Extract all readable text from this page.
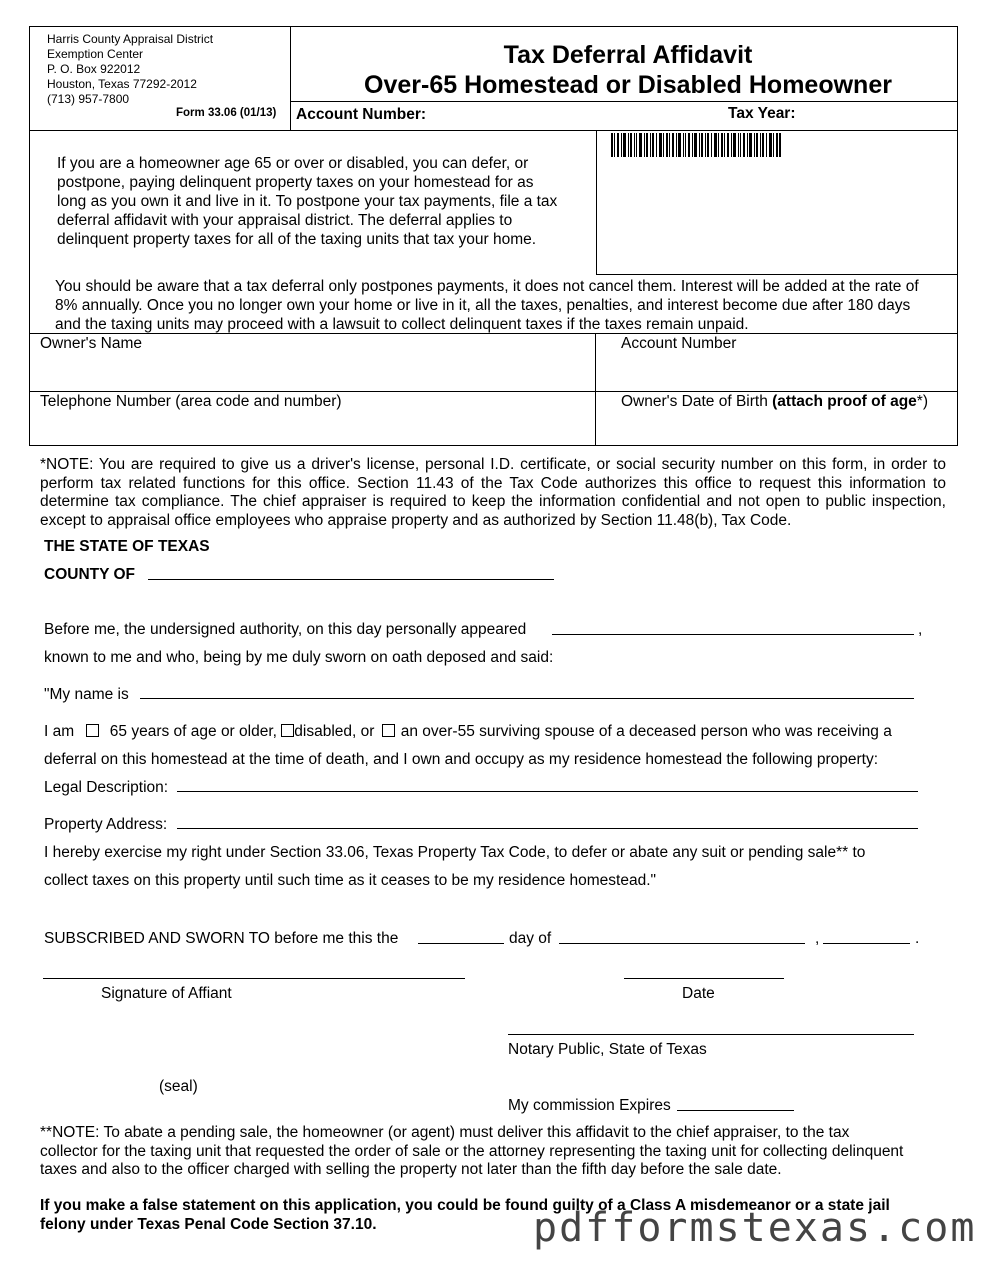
Harris County Appraisal District
Exemption Center
P. O. Box 922012
Houston, Texas 77292-2012
(713) 957-7800
Form 33.06 (01/13)
Tax Deferral Affidavit
Over-65 Homestead or Disabled Homeowner
Account Number:	Tax Year:
If you are a homeowner age 65 or over or disabled, you can defer, or postpone, paying delinquent property taxes on your homestead for as long as you own it and live in it. To postpone your tax payments, file a tax deferral affidavit with your appraisal district. The deferral applies to delinquent property taxes for all of the taxing units that tax your home.
You should be aware that a tax deferral only postpones payments, it does not cancel them. Interest will be added at the rate of 8% annually. Once you no longer own your home or live in it, all the taxes, penalties, and interest become due after 180 days and the taxing units may proceed with a lawsuit to collect delinquent taxes if the taxes remain unpaid.
Owner's Name	Account Number
Telephone Number (area code and number)	Owner's Date of Birth (attach proof of age*)
*NOTE: You are required to give us a driver's license, personal I.D. certificate, or social security number on this form, in order to perform tax related functions for this office. Section 11.43 of the Tax Code authorizes this office to request this information to determine tax compliance. The chief appraiser is required to keep the information confidential and not open to public inspection, except to appraisal office employees who appraise property and as authorized by Section 11.48(b), Tax Code.
THE STATE OF TEXAS
COUNTY OF
Before me, the undersigned authority, on this day personally appeared	,
known to me and who, being by me duly sworn on oath deposed and said:
"My name is
I am 65 years of age or older, disabled, or an over-55 surviving spouse of a deceased person who was receiving a
deferral on this homestead at the time of death, and I own and occupy as my residence homestead the following property:
Legal Description:
Property Address:
I hereby exercise my right under Section 33.06, Texas Property Tax Code, to defer or abate any suit or pending sale** to
collect taxes on this property until such time as it ceases to be my residence homestead."
SUBSCRIBED AND SWORN TO before me this the	day of	,	.
Signature of Affiant	Date
Notary Public, State of Texas
(seal)
My commission Expires
**NOTE: To abate a pending sale, the homeowner (or agent) must deliver this affidavit to the chief appraiser, to the tax collector for the taxing unit that requested the order of sale or the attorney representing the taxing unit for collecting delinquent taxes and also to the officer charged with selling the property not later than the fifth day before the sale date.
If you make a false statement on this application, you could be found guilty of a Class A misdemeanor or a state jail felony under Texas Penal Code Section 37.10.	pdfformstexas.com
